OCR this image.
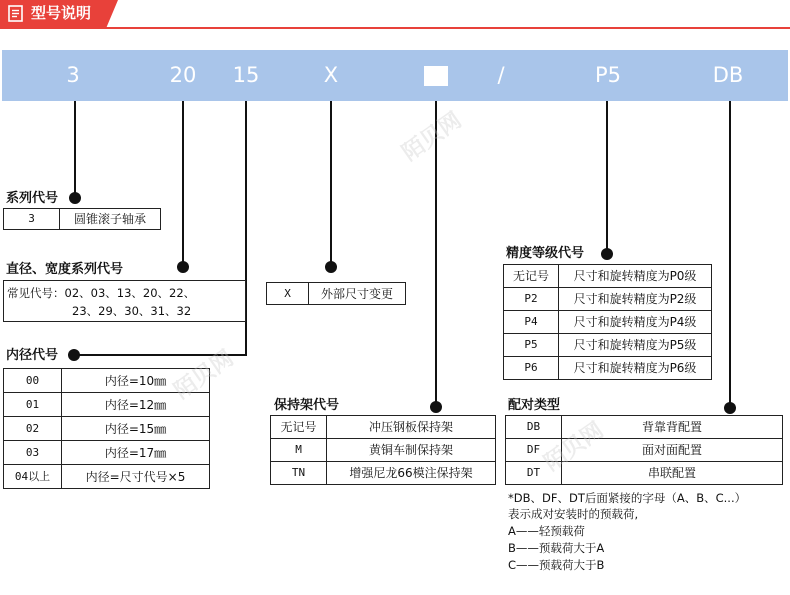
型号说明
3	20 15	X	/	P5	DB
系列代号
3	圆锥滚子轴承
直径、宽度系列代号
常见代号：02、03、13、20、22、
23、29、30、31、32
内径代号
00	内径=10㎜
01	内径=12㎜
02	内径=15㎜
03	内径=17㎜
04以上	内径=尺寸代号×5
X	外部尺寸变更
保持架代号
无记号	冲压钢板保持架
M	黄铜车制保持架
TN	增强尼龙66模注保持架
精度等级代号
无记号	尺寸和旋转精度为P0级
P2	尺寸和旋转精度为P2级
P4	尺寸和旋转精度为P4级
P5	尺寸和旋转精度为P5级
P6	尺寸和旋转精度为P6级
配对类型
DB	背靠背配置
DF	面对面配置
DT	串联配置
*DB、DF、DT后面紧接的字母（A、B、C...）
表示成对安装时的预载荷,
A——轻预载荷
B——预载荷大于A
C——预载荷大于B
陌贝网
陌贝网
陌贝网
